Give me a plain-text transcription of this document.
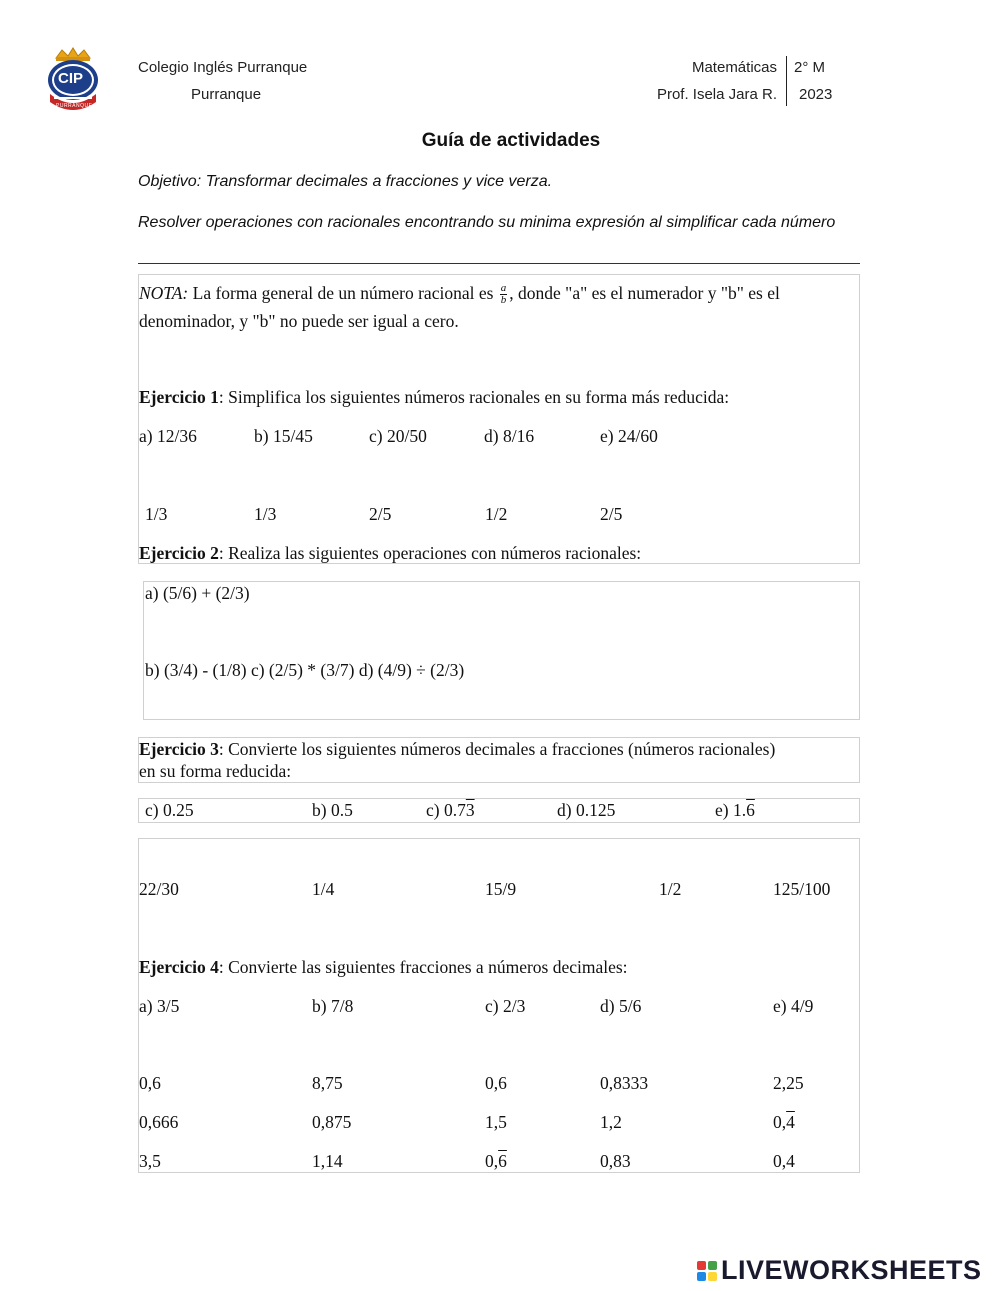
CIP
PURRANQUE
Colegio Inglés Purranque
Purranque
Matemáticas
Prof. Isela Jara R.
2° M
2023
Guía de actividades
Objetivo: Transformar decimales a fracciones y vice verza.
Resolver operaciones con racionales encontrando su minima expresión al simplificar cada número
NOTA: La forma general de un número racional es $\frac{a}{b}$ , donde "a" es el numerador y "b" es el
denominador, y "b" no puede ser igual a cero.
Ejercicio 1: Simplifica los siguientes números racionales en su forma más reducida:
a) 12/36	b) 15/45	c) 20/50	d) 8/16	e) 24/60
1/3	1/3	2/5	1/2	2/5
Ejercicio 2: Realiza las siguientes operaciones con números racionales:
a) (5/6) + (2/3)
b) (3/4) - (1/8) c) (2/5) * (3/7) d) (4/9) ÷ (2/3)
Ejercicio 3: Convierte los siguientes números decimales a fracciones (números racionales)
en su forma reducida:
c) 0.25	b) 0.5	c) 0.73	d) 0.125	e) 1.6
22/30	1/4	15/9	1/2	125/100
Ejercicio 4: Convierte las siguientes fracciones a números decimales:
a) 3/5	b) 7/8	c) 2/3	d) 5/6	e) 4/9
0,6	8,75	0,6	0,8333	2,25
0,666	0,875	1,5	1,2	0,4
3,5	1,14	0,6	0,83	0,4
LIVEWORKSHEETS
